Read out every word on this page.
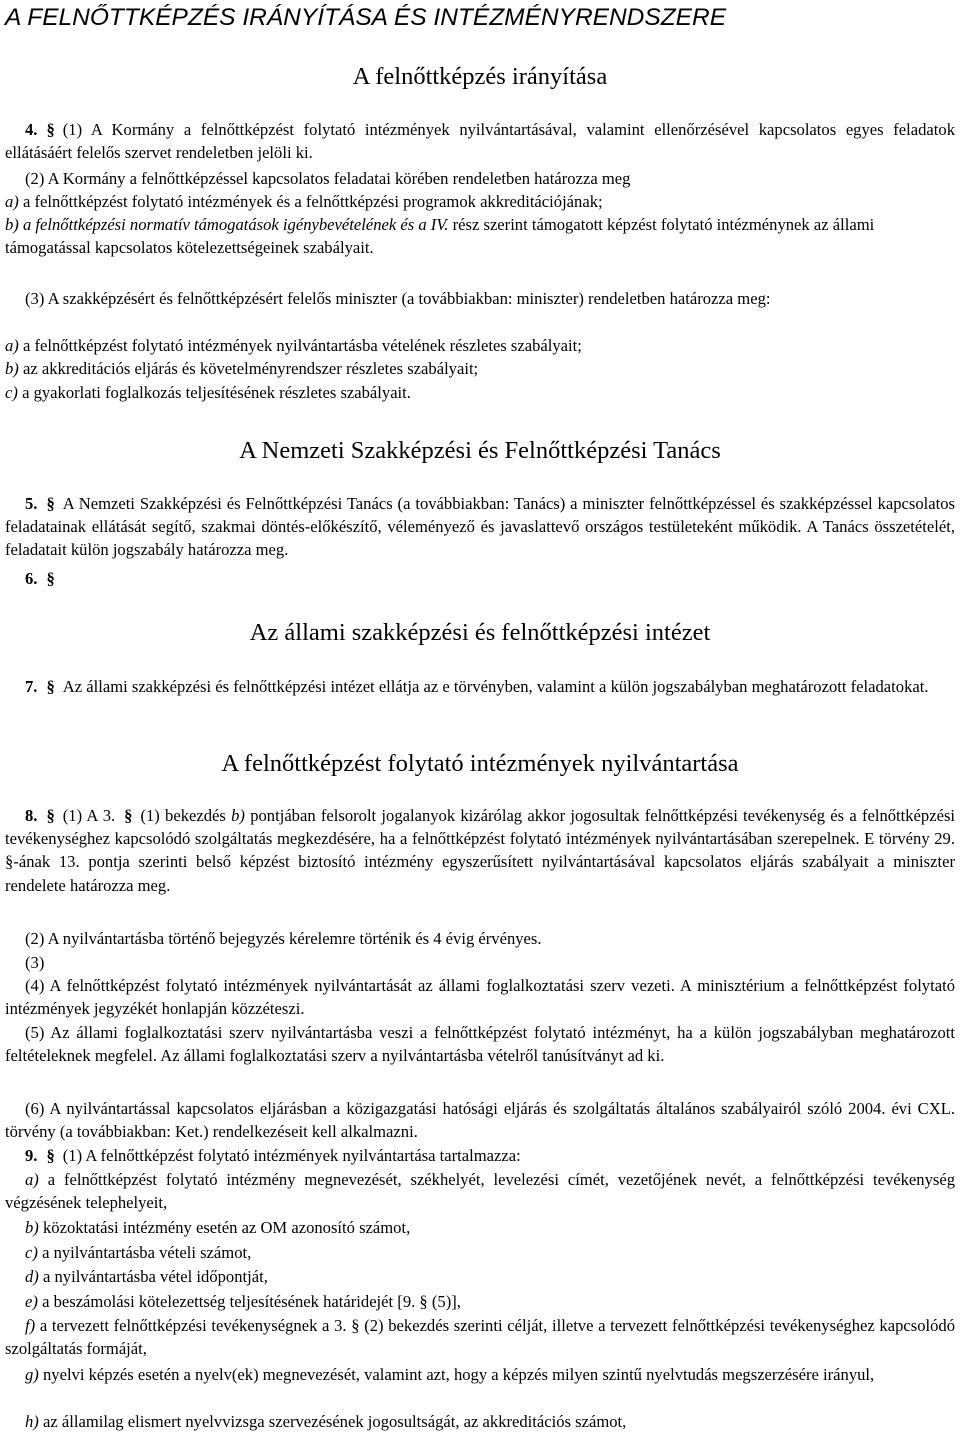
A FELNŐTTKÉPZÉS IRÁNYÍTÁSA ÉS INTÉZMÉNYRENDSZERE
A felnőttképzés irányítása
4. § (1) A Kormány a felnőttképzést folytató intézmények nyilvántartásával, valamint ellenőrzésével kapcsolatos egyes feladatok ellátásáért felelős szervet rendeletben jelöli ki.
(2) A Kormány a felnőttképzéssel kapcsolatos feladatai körében rendeletben határozza meg
a) a felnőttképzést folytató intézmények és a felnőttképzési programok akkreditációjának;
b) a felnőttképzési normatív támogatások igénybevételének és a IV. rész szerint támogatott képzést folytató intézménynek az állami támogatással kapcsolatos kötelezettségeinek szabályait.
(3) A szakképzésért és felnőttképzésért felelős miniszter (a továbbiakban: miniszter) rendeletben határozza meg:
a) a felnőttképzést folytató intézmények nyilvántartásba vételének részletes szabályait;
b) az akkreditációs eljárás és követelményrendszer részletes szabályait;
c) a gyakorlati foglalkozás teljesítésének részletes szabályait.
A Nemzeti Szakképzési és Felnőttképzési Tanács
5. § A Nemzeti Szakképzési és Felnőttképzési Tanács (a továbbiakban: Tanács) a miniszter felnőttképzéssel és szakképzéssel kapcsolatos feladatainak ellátását segítő, szakmai döntés-előkészítő, véleményező és javaslattevő országos testületeként működik. A Tanács összetételét, feladatait külön jogszabály határozza meg.
6. §
Az állami szakképzési és felnőttképzési intézet
7. § Az állami szakképzési és felnőttképzési intézet ellátja az e törvényben, valamint a külön jogszabályban meghatározott feladatokat.
A felnőttképzést folytató intézmények nyilvántartása
8. § (1) A 3. § (1) bekezdés b) pontjában felsorolt jogalanyok kizárólag akkor jogosultak felnőttképzési tevékenység és a felnőttképzési tevékenységhez kapcsolódó szolgáltatás megkezdésére, ha a felnőttképzést folytató intézmények nyilvántartásában szerepelnek. E törvény 29. §-ának 13. pontja szerinti belső képzést biztosító intézmény egyszerűsített nyilvántartásával kapcsolatos eljárás szabályait a miniszter rendelete határozza meg.
(2) A nyilvántartásba történő bejegyzés kérelemre történik és 4 évig érvényes.
(3)
(4) A felnőttképzést folytató intézmények nyilvántartását az állami foglalkoztatási szerv vezeti. A minisztérium a felnőttképzést folytató intézmények jegyzékét honlapján közzéteszi.
(5) Az állami foglalkoztatási szerv nyilvántartásba veszi a felnőttképzést folytató intézményt, ha a külön jogszabályban meghatározott feltételeknek megfelel. Az állami foglalkoztatási szerv a nyilvántartásba vételről tanúsítványt ad ki.
(6) A nyilvántartással kapcsolatos eljárásban a közigazgatási hatósági eljárás és szolgáltatás általános szabályairól szóló 2004. évi CXL. törvény (a továbbiakban: Ket.) rendelkezéseit kell alkalmazni.
9. § (1) A felnőttképzést folytató intézmények nyilvántartása tartalmazza:
a) a felnőttképzést folytató intézmény megnevezését, székhelyét, levelezési címét, vezetőjének nevét, a felnőttképzési tevékenység végzésének telephelyeit,
b) közoktatási intézmény esetén az OM azonosító számot,
c) a nyilvántartásba vételi számot,
d) a nyilvántartásba vétel időpontját,
e) a beszámolási kötelezettség teljesítésének határidejét [9. § (5)],
f) a tervezett felnőttképzési tevékenységnek a 3. § (2) bekezdés szerinti célját, illetve a tervezett felnőttképzési tevékenységhez kapcsolódó szolgáltatás formáját,
g) nyelvi képzés esetén a nyelv(ek) megnevezését, valamint azt, hogy a képzés milyen szintű nyelvtudás megszerzésére irányul,
h) az államilag elismert nyelvvizsga szervezésének jogosultságát, az akkreditációs számot,
